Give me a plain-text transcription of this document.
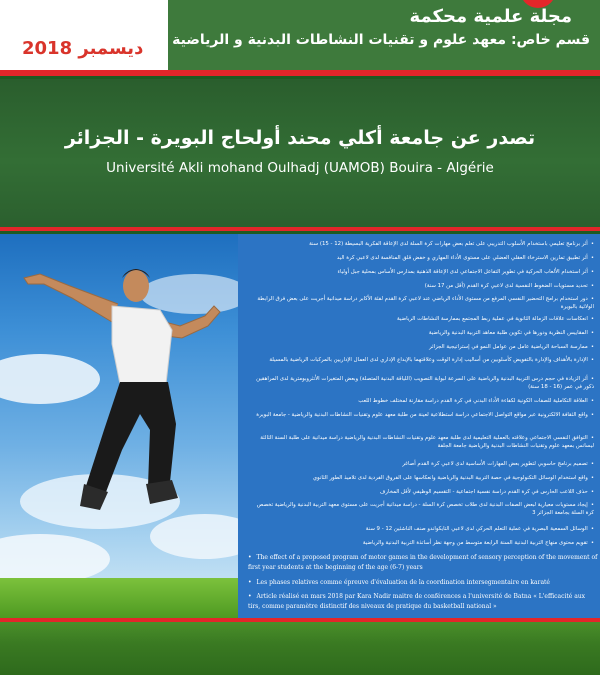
مجلة علمية محكمة
قسم خاص: معهد علوم و تقنيات النشاطات البدنية و الرياضية
ديسمبر 2018
تصدر عن جامعة أكلي محند أولحاج البويرة - الجزائر
Université Akli mohand Oulhadj (UAMOB) Bouira - Algérie
• أثر برنامج تعليمي باستخدام الأسلوب التدريبي على تعلم بعض مهارات كرة السلة لدى الإعاقة الفكرية البسيطة (12 - 15) سنة
• أثر تطبيق تمارين الاسترخاء العقلي العضلي على مستوى الأداء المهاري و خفض قلق المنافسة لدى لاعبي كرة اليد
• أثر استخدام الألعاب الحركية في تطوير التفاعل الاجتماعي لدى الإعاقة الذهنية بمدارس الأساس بمحلية جبل أولياء
• تحديد مستويات الضغوط النفسية لدى لاعبي كرة القدم (أقل من 17 سنة)
• دور استخدام برامج التحضير النفسي المرفع من مستوى الأداء الرياضي عند لاعبي كرة القدم لفئة الأكابر دراسة ميدانية أجريت على بعض فرق الرابطة الولائية بالبويرة
• انعكاسات علاقات الزمالة الثانوية في عملية ربط المجتمع بممارسة النشاطات الرياضية
• المقاييس النظرية ودورها في تكوين طلبة معاهد التربية البدنية والرياضية
• ممارسة السباحة الرياضية عامل من عوامل النمو في إستراتيجية الجزائر
• الإدارة بالأهداف والإدارة بالتفويض كأسلوبين من أساليب إدارة الوقت وعلاقتهما بالإبداع الإداري لدى العمال الإداريين بالمركبات الرياضية بالمسيلة
• أثر الزيادة في حجم درس التربية البدنية والرياضية على السرعة لبوابة التصويب (اللياقة البدنية المتصلة) وبعض المتغيرات الأنثروبومترية لدى المراهقين ذكور في عمر (16 - 18 سنة)
• العلاقة التكاملية للصفات الكونية لكفاءة الأداء البدني في كرة القدم دراسة مقارنة لمختلف خطوط اللعب
• واقع الثقافة الالكترونية عبر مواقع التواصل الاجتماعي دراسة استطلاعية لعينة من طلبة معهد علوم وتقنيات النشاطات البدنية والرياضية - جامعة البويرة
• التوافق النفسي الاجتماعي وعلاقته بالعملية التعليمية لدى طلبة معهد علوم وتقنيات النشاطات البدنية والرياضية دراسة ميدانية على طلبة السنة الثالثة ليسانس بمعهد علوم وتقنيات النشاطات البدنية والرياضية جامعة الجلفة
• تصميم برنامج حاسوبي لتطوير بعض المهارات الأساسية لدى لاعبي كرة القدم أصاغر
• واقع استخدام الوسائل التكنولوجية في حصة التربية البدنية والرياضية وانعكاسها على الفروق الفردية لدى تلاميذ الطور الثانوي
• حذف اللاعب الحارس في كرة القدم دراسة نفسية اجتماعية - التقسيم الوظيفي لأقل المخارف
• إيجاد مستويات معيارية لبعض الصفات البدنية لدى طلاب تخصص كرة السلة - دراسة ميدانية أجريت على مستوى معهد التربية البدنية والرياضية تخصص كرة السلة بجامعة الجزائر 3
• الوسائل السمعية البصرية في عملية التعلم الحركي لدى لاعبي التايكواندو صنف الناشئين 12 - 9 سنة
• تقويم محتوى منهاج التربية البدنية السنة الرابعة متوسط من وجهة نظر أساتذة التربية البدنية والرياضية
• The effect of a proposed program of motor games in the development of sensory perception of the movement of first year students at the beginning of the age (6-7) years
• Les phases relatives comme épreuve d'évaluation de la coordination intersegmentaire en karaté
• Article réalisé en mars 2018 par Kara Nadir maitre de conférences a l'université de Batna « L'efficacité aux tirs, comme paramètre distinctif des niveaux de pratique du basketball national »
